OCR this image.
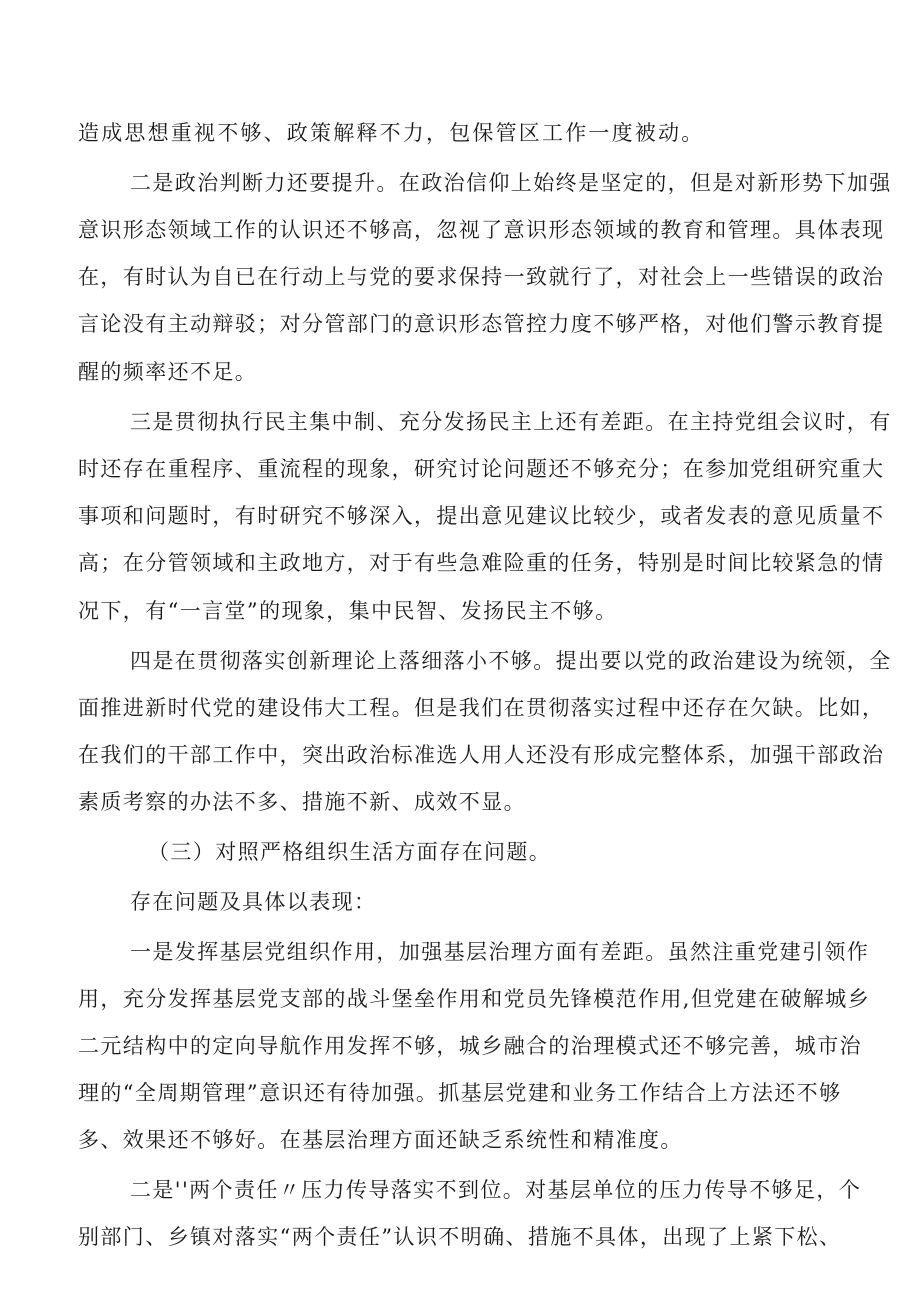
造成思想重视不够、政策解释不力，包保管区工作一度被动。
二是政治判断力还要提升。在政治信仰上始终是坚定的，但是对新形势下加强
意识形态领域工作的认识还不够高，忽视了意识形态领域的教育和管理。具体表现
在，有时认为自已在行动上与党的要求保持一致就行了，对社会上一些错误的政治
言论没有主动辩驳；对分管部门的意识形态管控力度不够严格，对他们警示教育提
醒的频率还不足。
三是贯彻执行民主集中制、充分发扬民主上还有差距。在主持党组会议时，有
时还存在重程序、重流程的现象，研究讨论问题还不够充分；在参加党组研究重大
事项和问题时，有时研究不够深入，提出意见建议比较少，或者发表的意见质量不
高；在分管领域和主政地方，对于有些急难险重的任务，特别是时间比较紧急的情
况下，有“一言堂”的现象，集中民智、发扬民主不够。
四是在贯彻落实创新理论上落细落小不够。提出要以党的政治建设为统领，全
面推进新时代党的建设伟大工程。但是我们在贯彻落实过程中还存在欠缺。比如，
在我们的干部工作中，突出政治标准选人用人还没有形成完整体系，加强干部政治
素质考察的办法不多、措施不新、成效不显。
（三）对照严格组织生活方面存在问题。
存在问题及具体以表现：
一是发挥基层党组织作用，加强基层治理方面有差距。虽然注重党建引领作
用，充分发挥基层党支部的战斗堡垒作用和党员先锋模范作用,但党建在破解城乡
二元结构中的定向导航作用发挥不够，城乡融合的治理模式还不够完善，城市治
理的“全周期管理”意识还有待加强。抓基层党建和业务工作结合上方法还不够
多、效果还不够好。在基层治理方面还缺乏系统性和精准度。
二是''两个责任〃压力传导落实不到位。对基层单位的压力传导不够足，个
别部门、乡镇对落实“两个责任”认识不明确、措施不具体，出现了上紧下松、
